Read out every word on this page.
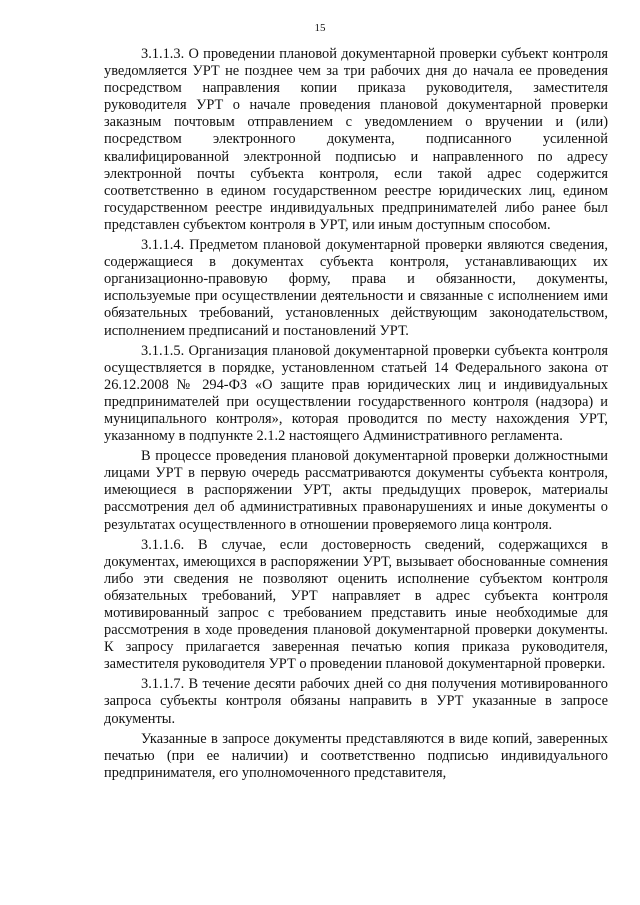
15

3.1.1.3. О проведении плановой документарной проверки субъект контроля уведомляется УРТ не позднее чем за три рабочих дня до начала ее проведения посредством направления копии приказа руководителя, заместителя руководителя УРТ о начале проведения плановой документарной проверки заказным почтовым отправлением с уведомлением о вручении и (или) посредством электронного документа, подписанного усиленной квалифицированной электронной подписью и направленного по адресу электронной почты субъекта контроля, если такой адрес содержится соответственно в едином государственном реестре юридических лиц, едином государственном реестре индивидуальных предпринимателей либо ранее был представлен субъектом контроля в УРТ, или иным доступным способом.

3.1.1.4. Предметом плановой документарной проверки являются сведения, содержащиеся в документах субъекта контроля, устанавливающих их организационно-правовую форму, права и обязанности, документы, используемые при осуществлении деятельности и связанные с исполнением ими обязательных требований, установленных действующим законодательством, исполнением предписаний и постановлений УРТ.

3.1.1.5. Организация плановой документарной проверки субъекта контроля осуществляется в порядке, установленном статьей 14 Федерального закона от 26.12.2008 № 294-ФЗ «О защите прав юридических лиц и индивидуальных предпринимателей при осуществлении государственного контроля (надзора) и муниципального контроля», которая проводится по месту нахождения УРТ, указанному в подпункте 2.1.2 настоящего Административного регламента.

В процессе проведения плановой документарной проверки должностными лицами УРТ в первую очередь рассматриваются документы субъекта контроля, имеющиеся в распоряжении УРТ, акты предыдущих проверок, материалы рассмотрения дел об административных правонарушениях и иные документы о результатах осуществленного в отношении проверяемого лица контроля.

3.1.1.6. В случае, если достоверность сведений, содержащихся в документах, имеющихся в распоряжении УРТ, вызывает обоснованные сомнения либо эти сведения не позволяют оценить исполнение субъектом контроля обязательных требований, УРТ направляет в адрес субъекта контроля мотивированный запрос с требованием представить иные необходимые для рассмотрения в ходе проведения плановой документарной проверки документы. К запросу прилагается заверенная печатью копия приказа руководителя, заместителя руководителя УРТ о проведении плановой документарной проверки.

3.1.1.7. В течение десяти рабочих дней со дня получения мотивированного запроса субъекты контроля обязаны направить в УРТ указанные в запросе документы.

Указанные в запросе документы представляются в виде копий, заверенных печатью (при ее наличии) и соответственно подписью индивидуального предпринимателя, его уполномоченного представителя,
